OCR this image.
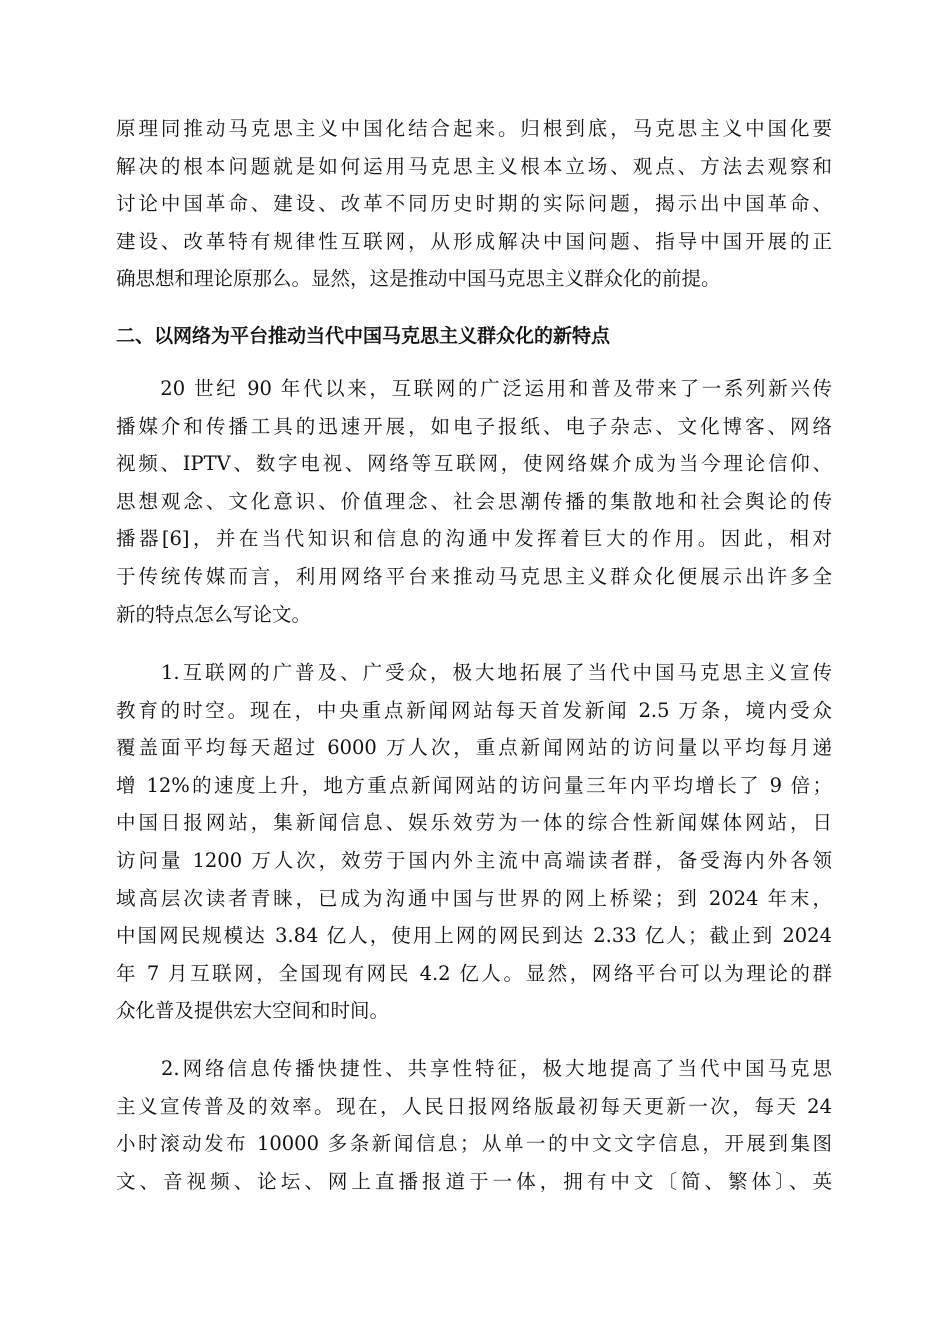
原理同推动马克思主义中国化结合起来。归根到底，马克思主义中国化要
解决的根本问题就是如何运用马克思主义根本立场、观点、方法去观察和
讨论中国革命、建设、改革不同历史时期的实际问题，揭示出中国革命、
建设、改革特有规律性互联网，从形成解决中国问题、指导中国开展的正
确思想和理论原那么。显然，这是推动中国马克思主义群众化的前提。
二、以网络为平台推动当代中国马克思主义群众化的新特点
　　20 世纪 90 年代以来，互联网的广泛运用和普及带来了一系列新兴传
播媒介和传播工具的迅速开展，如电子报纸、电子杂志、文化博客、网络
视频、IPTV、数字电视、网络等互联网，使网络媒介成为当今理论信仰、
思想观念、文化意识、价值理念、社会思潮传播的集散地和社会舆论的传
播器[6]，并在当代知识和信息的沟通中发挥着巨大的作用。因此，相对
于传统传媒而言，利用网络平台来推动马克思主义群众化便展示出许多全
新的特点怎么写论文。
　　1.互联网的广普及、广受众，极大地拓展了当代中国马克思主义宣传
教育的时空。现在，中央重点新闻网站每天首发新闻 2.5 万条，境内受众
覆盖面平均每天超过 6000 万人次，重点新闻网站的访问量以平均每月递
增 12%的速度上升，地方重点新闻网站的访问量三年内平均增长了 9 倍；
中国日报网站，集新闻信息、娱乐效劳为一体的综合性新闻媒体网站，日
访问量 1200 万人次，效劳于国内外主流中高端读者群，备受海内外各领
域高层次读者青睐，已成为沟通中国与世界的网上桥梁；到 2024 年末，
中国网民规模达 3.84 亿人，使用上网的网民到达 2.33 亿人；截止到 2024
年 7 月互联网，全国现有网民 4.2 亿人。显然，网络平台可以为理论的群
众化普及提供宏大空间和时间。
　　2.网络信息传播快捷性、共享性特征，极大地提高了当代中国马克思
主义宣传普及的效率。现在，人民日报网络版最初每天更新一次，每天 24
小时滚动发布 10000 多条新闻信息；从单一的中文文字信息，开展到集图
文、音视频、论坛、网上直播报道于一体，拥有中文〔简、繁体〕、英
